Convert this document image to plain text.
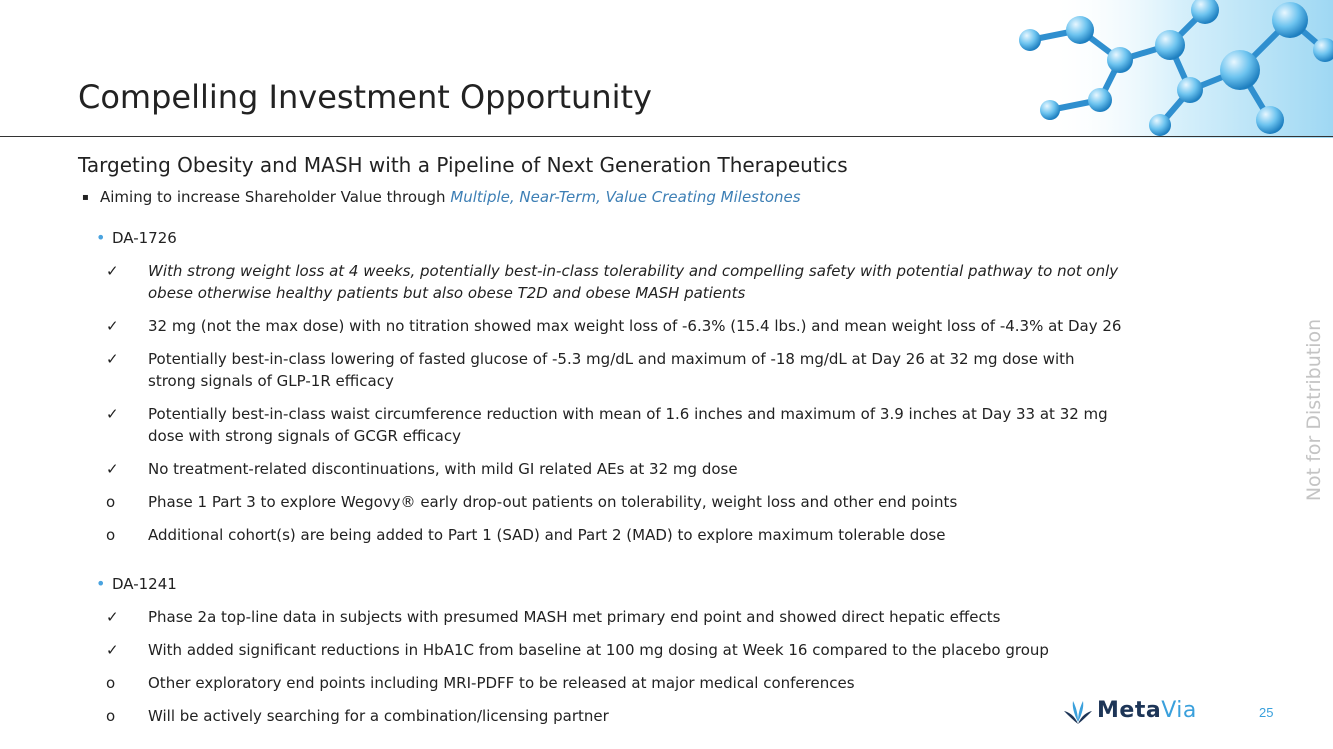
Compelling Investment Opportunity
Targeting Obesity and MASH with a Pipeline of Next Generation Therapeutics
▪ Aiming to increase Shareholder Value through Multiple, Near-Term, Value Creating Milestones
• DA-1726
✓ With strong weight loss at 4 weeks, potentially best-in-class tolerability and compelling safety with potential pathway to not only
obese otherwise healthy patients but also obese T2D and obese MASH patients
✓ 32 mg (not the max dose) with no titration showed max weight loss of -6.3% (15.4 lbs.) and mean weight loss of -4.3% at Day 26
✓ Potentially best-in-class lowering of fasted glucose of -5.3 mg/dL and maximum of -18 mg/dL at Day 26 at 32 mg dose with
strong signals of GLP-1R efficacy
✓ Potentially best-in-class waist circumference reduction with mean of 1.6 inches and maximum of 3.9 inches at Day 33 at 32 mg
dose with strong signals of GCGR efficacy
✓ No treatment-related discontinuations, with mild GI related AEs at 32 mg dose
o Phase 1 Part 3 to explore Wegovy® early drop-out patients on tolerability, weight loss and other end points
o Additional cohort(s) are being added to Part 1 (SAD) and Part 2 (MAD) to explore maximum tolerable dose
• DA-1241
✓ Phase 2a top-line data in subjects with presumed MASH met primary end point and showed direct hepatic effects
✓ With added significant reductions in HbA1C from baseline at 100 mg dosing at Week 16 compared to the placebo group
o Other exploratory end points including MRI-PDFF to be released at major medical conferences
o Will be actively searching for a combination/licensing partner
Not for Distribution
MetaVia	25
